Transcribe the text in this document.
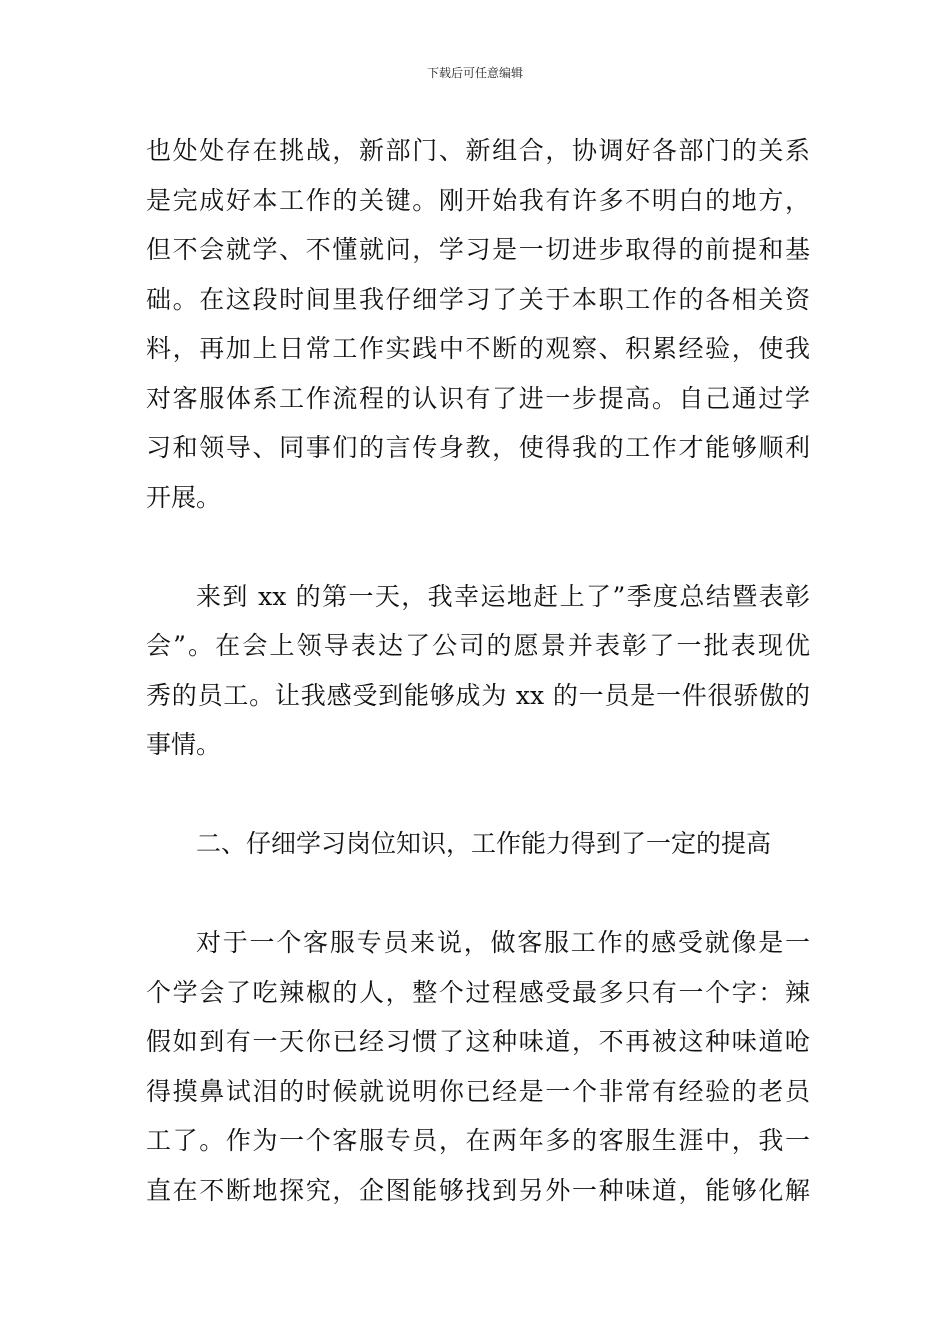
下载后可任意编辑
也处处存在挑战，新部门、新组合，协调好各部门的关系
是完成好本工作的关键。刚开始我有许多不明白的地方，
但不会就学、不懂就问，学习是一切进步取得的前提和基
础。在这段时间里我仔细学习了关于本职工作的各相关资
料，再加上日常工作实践中不断的观察、积累经验，使我
对客服体系工作流程的认识有了进一步提高。自己通过学
习和领导、同事们的言传身教，使得我的工作才能够顺利
开展。
来到 xx 的第一天，我幸运地赶上了”季度总结暨表彰
会”。在会上领导表达了公司的愿景并表彰了一批表现优
秀的员工。让我感受到能够成为 xx 的一员是一件很骄傲的
事情。
二、仔细学习岗位知识，工作能力得到了一定的提高
对于一个客服专员来说，做客服工作的感受就像是一
个学会了吃辣椒的人，整个过程感受最多只有一个字：辣
假如到有一天你已经习惯了这种味道，不再被这种味道呛
得摸鼻试泪的时候就说明你已经是一个非常有经验的老员
工了。作为一个客服专员，在两年多的客服生涯中，我一
直在不断地探究，企图能够找到另外一种味道，能够化解
